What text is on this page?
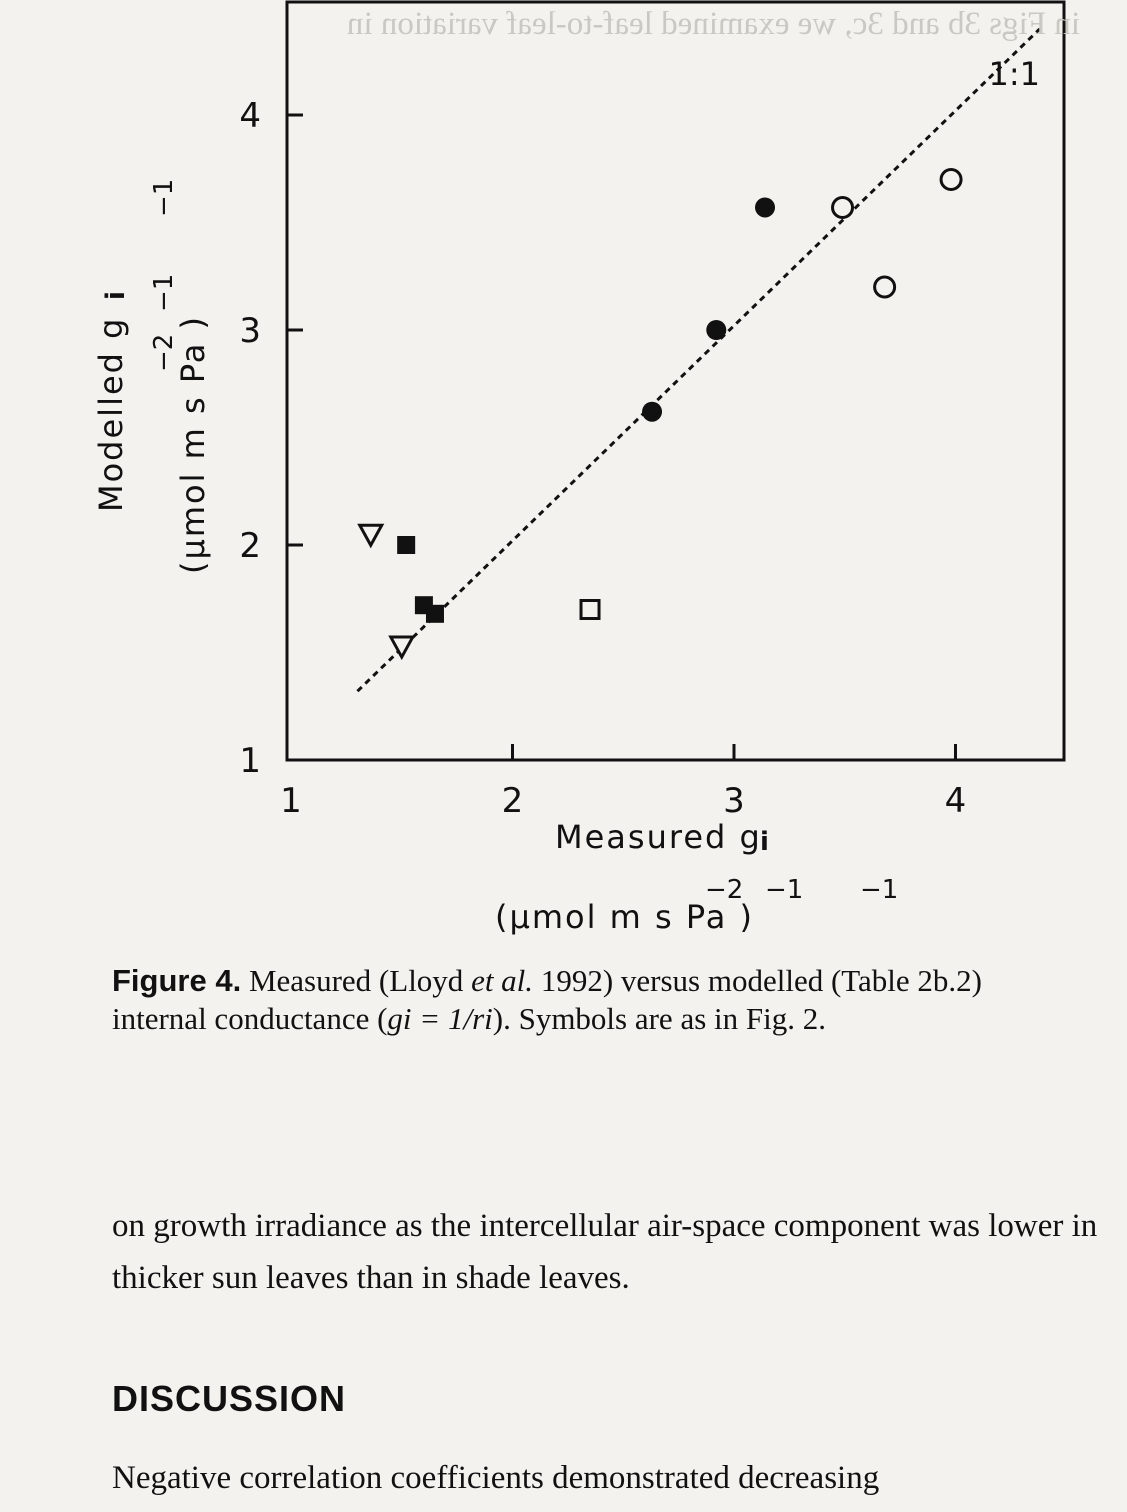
1	2	3	4
1
2
3
4
1:1
Measured g
i
(µmol m s Pa )
−2 −1 −1
Modelled g
i
(µmol m s Pa )
−2
−1
−1
in Figs 3b and 3c, we examined leaf-to-leaf variation in
Figure 4. Measured (Lloyd et al. 1992) versus modelled (Table 2b.2) internal conductance (gi = 1/ri). Symbols are as in Fig. 2.
on growth irradiance as the intercellular air-space component was lower in thicker sun leaves than in shade leaves.
DISCUSSION
Negative correlation coefficients demonstrated decreasing
